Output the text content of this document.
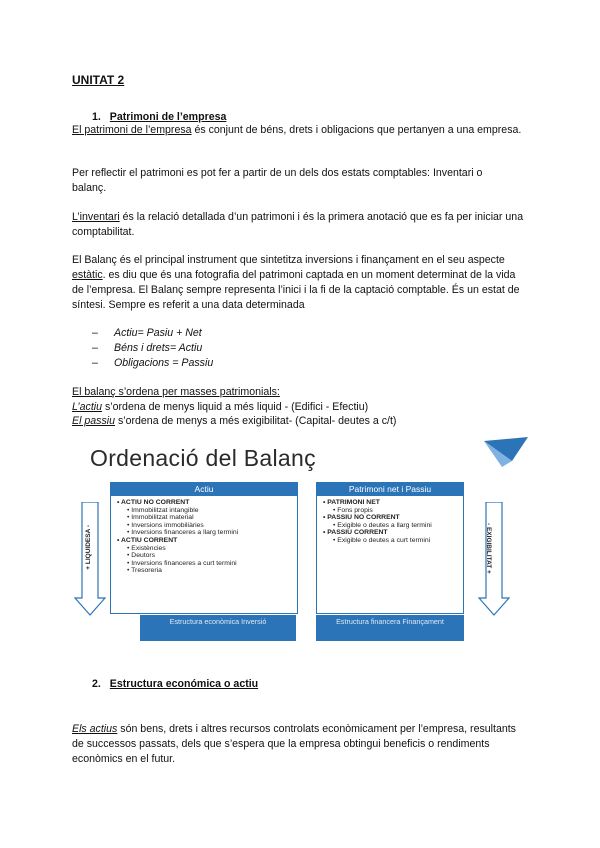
UNITAT 2
1. Patrimoni de l’empresa
El patrimoni de l’empresa és conjunt de béns, drets i obligacions que pertanyen a una empresa.
Per reflectir el patrimoni es pot fer a partir de un dels dos estats comptables: Inventari o balanç.
L’inventari és la relació detallada d’un patrimoni i és la primera anotació que es fa per iniciar una comptabilitat.
El Balanç és el principal instrument que sintetitza inversions i finançament en el seu aspecte estàtic. es diu que és una fotografia del patrimoni captada en un moment determinat de la vida de l’empresa. El Balanç sempre representa l’inici i la fi de la captació comptable. És un estat de síntesi. Sempre es referit a una data determinada
– Actiu= Pasiu + Net
– Béns i drets= Actiu
– Obligacions = Passiu
El balanç s’ordena per masses patrimonials:
L’actiu s’ordena de menys liquid a més liquid - (Edifici - Efectiu)
El passiu s’ordena de menys a més exigibilitat- (Capital- deutes a c/t)
Ordenació del Balanç
+ LIQUIDESA -
Actiu
• ACTIU NO CORRENT
• Immobilitzat intangible
• Immobilitzat material
• Inversions immobiliàries
• Inversions financeres a llarg termini
• ACTIU CORRENT
• Existències
• Deutors
• Inversions financeres a curt termini
• Tresoreria
Estructura econòmica Inversió
Patrimoni net i Passiu
• PATRIMONI NET
• Fons propis
• PASSIU NO CORRENT
• Exigible o deutes a llarg termini
• PASSIU CORRENT
• Exigible o deutes a curt termini
Estructura financera Finançament
- EXIGIBILITAT +
2. Estructura económica o actiu
Els actius són bens, drets i altres recursos controlats econòmicament per l’empresa, resultants de successos passats, dels que s’espera que la empresa obtingui beneficis o rendiments econòmics en el futur.
